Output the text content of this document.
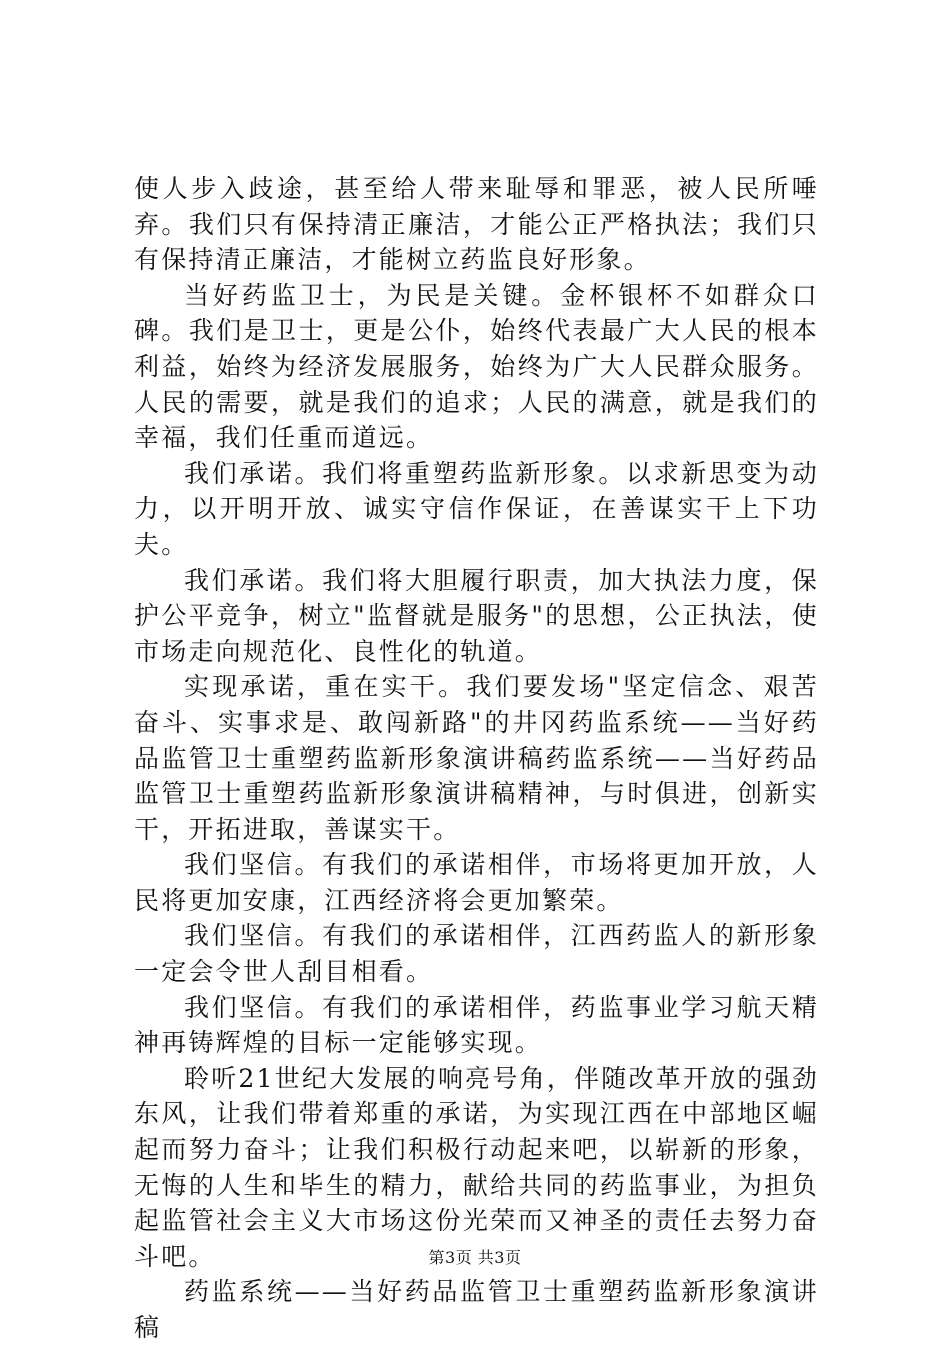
使人步入歧途，甚至给人带来耻辱和罪恶，被人民所唾弃。我们只有保持清正廉洁，才能公正严格执法；我们只有保持清正廉洁，才能树立药监良好形象。

当好药监卫士，为民是关键。金杯银杯不如群众口碑。我们是卫士，更是公仆，始终代表最广大人民的根本利益，始终为经济发展服务，始终为广大人民群众服务。人民的需要，就是我们的追求；人民的满意，就是我们的幸福，我们任重而道远。

我们承诺。我们将重塑药监新形象。以求新思变为动力，以开明开放、诚实守信作保证，在善谋实干上下功夫。

我们承诺。我们将大胆履行职责，加大执法力度，保护公平竞争，树立"监督就是服务"的思想，公正执法，使市场走向规范化、良性化的轨道。

实现承诺，重在实干。我们要发场"坚定信念、艰苦奋斗、实事求是、敢闯新路"的井冈药监系统——当好药品监管卫士重塑药监新形象演讲稿药监系统——当好药品监管卫士重塑药监新形象演讲稿精神，与时俱进，创新实干，开拓进取，善谋实干。

我们坚信。有我们的承诺相伴，市场将更加开放，人民将更加安康，江西经济将会更加繁荣。

我们坚信。有我们的承诺相伴，江西药监人的新形象一定会令世人刮目相看。

我们坚信。有我们的承诺相伴，药监事业学习航天精神再铸辉煌的目标一定能够实现。

聆听21世纪大发展的响亮号角，伴随改革开放的强劲东风，让我们带着郑重的承诺，为实现江西在中部地区崛起而努力奋斗；让我们积极行动起来吧，以崭新的形象，无悔的人生和毕生的精力，献给共同的药监事业，为担负起监管社会主义大市场这份光荣而又神圣的责任去努力奋斗吧。

药监系统——当好药品监管卫士重塑药监新形象演讲稿

第3页 共3页
